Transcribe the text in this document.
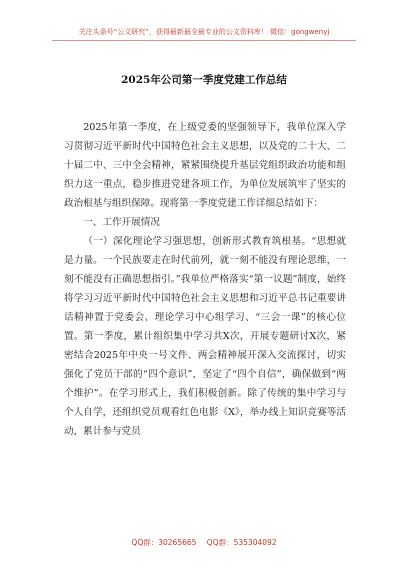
关注头条号“公文研究”，获得最新最全最专业的公文资料库！ 微信：gongwenyj
2025年公司第一季度党建工作总结

2025年第一季度，在上级党委的坚强领导下，我单位深入学习贯彻习近平新时代中国特色社会主义思想，以及党的二十大、二十届二中、三中全会精神，紧紧围绕提升基层党组织政治功能和组织力这一重点，稳步推进党建各项工作，为单位发展筑牢了坚实的政治根基与组织保障。现将第一季度党建工作详细总结如下：

一、工作开展情况

（一）深化理论学习强思想，创新形式教育筑根基。“思想就是力量。一个民族要走在时代前列，就一刻不能没有理论思维，一刻不能没有正确思想指引。”我单位严格落实“第一议题”制度，始终将学习习近平新时代中国特色社会主义思想和习近平总书记重要讲话精神置于党委会、理论学习中心组学习、“三会一课”的核心位置。第一季度，累计组织集中学习共X次，开展专题研讨X次，紧密结合2025年中央一号文件、两会精神展开深入交流探讨，切实强化了党员干部的“四个意识”，坚定了“四个自信”，确保做到“两个维护”。在学习形式上，我们积极创新。除了传统的集中学习与个人自学，还组织党员观看红色电影《X》，举办线上知识竞赛等活动，累计参与党员

QQ群：30265665 QQ群：535304092
